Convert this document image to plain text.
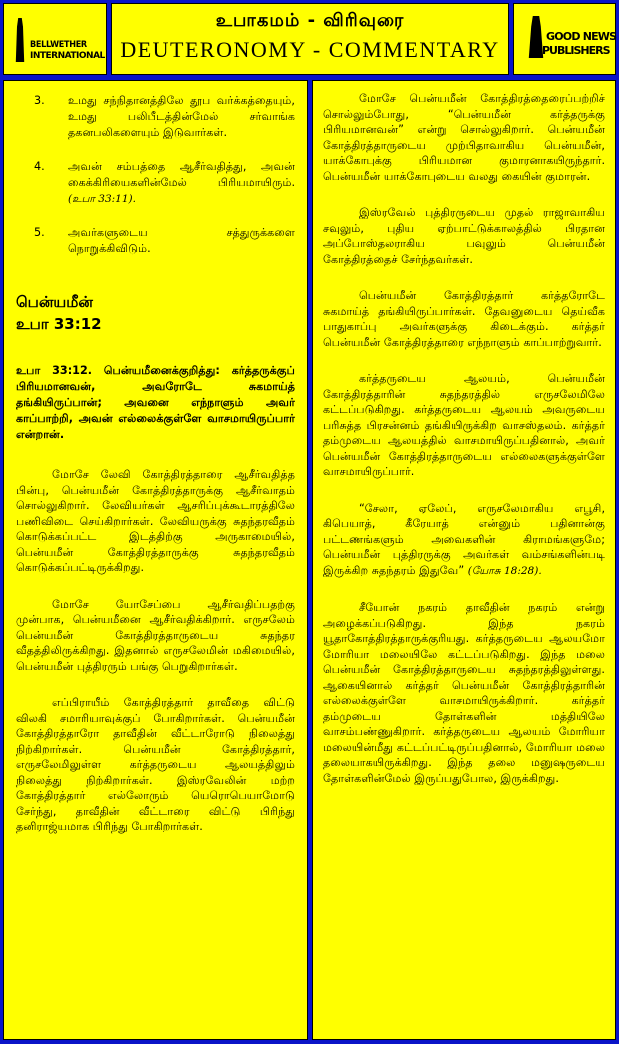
BELLWETHER
INTERNATIONAL
உபாகமம் - விரிவுரை
DEUTERONOMY - COMMENTARY
GOOD NEWS
PUBLISHERS
3.	உமது சந்நிதானத்திலே தூப வர்க்கத்தையும், உமது பலிபீடத்தின்மேல் சர்வாங்க தகனபலிகளையும் இடுவார்கள்.
4.	அவன் சம்பத்தை ஆசீர்வதித்து, அவன் கைக்கிரியைகளின்மேல் பிரியமாயிரும். (உபா 33:11).
5.	அவர்களுடைய சத்துருக்களை நொறுக்கிவிடும்.
பென்யமீன்
உபா 33:12
உபா 33:12. பென்யமீனைக்குறித்து: கர்த்தருக்குப் பிரியமானவன், அவரோடே சுகமாய்த் தங்கியிருப்பான்; அவனை எந்நாளும் அவர் காப்பாற்றி, அவன் எல்லைக்குள்ளே வாசமாயிருப்பார் என்றான்.

மோசே லேவி கோத்திரத்தாரை ஆசீர்வதித்த பின்பு, பென்யமீன் கோத்திரத்தாருக்கு ஆசீர்வாதம் சொல்லுகிறார். லேவியர்கள் ஆசரிப்புக்கூடாரத்திலே பணிவிடை செய்கிறார்கள். லேவியருக்கு சுதந்தரவீதம் கொடுக்கப்பட்ட இடத்திற்கு அருகாமையில், பென்யமீன் கோத்திரத்தாருக்கு சுதந்தரவீதம் கொடுக்கப்பட்டிருக்கிறது.

மோசே யோசேப்பை ஆசீர்வதிப்பதற்கு முன்பாக, பென்யமீனை ஆசீர்வதிக்கிறார். எருசலேம் பென்யமீன் கோத்திரத்தாருடைய சுதந்தர வீதத்திலிருக்கிறது. இதனால் எருசலேமின் மகிமையில், பென்யமீன் புத்திரரும் பங்கு பெறுகிறார்கள்.

எப்பிராயீம் கோத்திரத்தார் தாவீதை விட்டு விலகி சமாரியாவுக்குப் போகிறார்கள். பென்யமீன் கோத்திரத்தாரோ தாவீதின் வீட்டாரோடு நிலைத்து நிற்கிறார்கள். பென்யமீன் கோத்திரத்தார், எருசலேமிலுள்ள கர்த்தருடைய ஆலயத்திலும் நிலைத்து நிற்கிறார்கள். இஸ்ரவேலின் மற்ற கோத்திரத்தார் எல்லோரும் யெரொபெயாமோடு சேர்ந்து, தாவீதின் வீட்டாரை விட்டு பிரிந்து தனிராஜ்யமாக பிரிந்து போகிறார்கள்.

மோசே பென்யமீன் கோத்திரத்தைரைப்பற்றிச் சொல்லும்போது, “பென்யமீன் கர்த்தருக்கு பிரியமானவன்” என்று சொல்லுகிறார். பென்யமீன் கோத்திரத்தாருடைய முற்பிதாவாகிய பென்யமீன், யாக்கோபுக்கு பிரியமான குமாரனாகயிருந்தார். பென்யமீன் யாக்கோபுடைய வலது கையின் குமாரன்.

இஸ்ரவேல் புத்திரருடைய முதல் ராஜாவாகிய சவுலும், புதிய ஏற்பாட்டுக்காலத்தில் பிரதான அப்போஸ்தலராகிய பவுலும் பென்யமீன் கோத்திரத்தைச் சேர்ந்தவர்கள்.

பென்யமீன் கோத்திரத்தார் கர்த்தரோடே சுகமாய்த் தங்கியிருப்பார்கள். தேவனுடைய தெய்வீக பாதுகாப்பு அவர்களுக்கு கிடைக்கும். கர்த்தர் பென்யமீன் கோத்திரத்தாரை எந்நாளும் காப்பாற்றுவார்.

கர்த்தருடைய ஆலயம், பென்யமீன் கோத்திரத்தாரின் சுதந்தரத்தில் எருசலேமிலே கட்டப்படுகிறது. கர்த்தருடைய ஆலயம் அவருடைய பரிசுத்த பிரசன்னம் தங்கியிருக்கிற வாசஸ்தலம். கர்த்தர் தம்முடைய ஆலயத்தில் வாசமாயிருப்பதினால், அவர் பென்யமீன் கோத்திரத்தாருடைய எல்லைகளுக்குள்ளே வாசமாயிருப்பார்.

“சேலா, ஏலேப், எருசலேமாகிய எபூசி, கிபெயாத், கீரேயாத் என்னும் பதினான்கு பட்டணங்களும் அவைகளின் கிராமங்களுமே; பென்யமீன் புத்திரருக்கு அவர்கள் வம்சங்களின்படி இருக்கிற சுதந்தரம் இதுவே” (யோசு 18:28).

சீயோன் நகரம் தாவீதின் நகரம் என்று அழைக்கப்படுகிறது. இந்த நகரம் யூதாகோத்திரத்தாருக்குரியது. கர்த்தருடைய ஆலயமோ மோரியா மலையிலே கட்டப்படுகிறது. இந்த மலை பென்யமீன் கோத்திரத்தாருடைய சுதந்தரத்திலுள்ளது. ஆகையினால் கர்த்தர் பென்யமீன் கோத்திரத்தாரின் எல்லைக்குள்ளே வாசமாயிருக்கிறார். கர்த்தர் தம்முடைய தோள்களின் மத்தியிலே வாசம்பண்ணுகிறார். கர்த்தருடைய ஆலயம் மோரியா மலையின்மீது கட்டப்பட்டிருப்பதினால், மோரியா மலை தலையாகயிருக்கிறது. இந்த தலை மனுஷருடைய தோள்களின்மேல் இருப்பதுபோல, இருக்கிறது.
